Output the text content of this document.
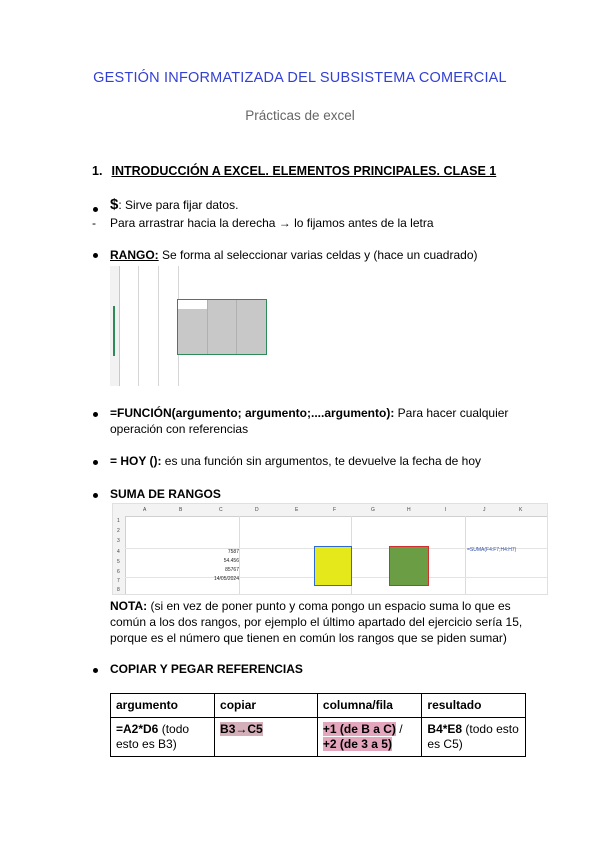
GESTIÓN INFORMATIZADA DEL SUBSISTEMA COMERCIAL
Prácticas de excel
1. INTRODUCCIÓN A EXCEL. ELEMENTOS PRINCIPALES. CLASE 1
$: Sirve para fijar datos.
- Para arrastrar hacia la derecha → lo fijamos antes de la letra
RANGO: Se forma al seleccionar varias celdas y (hace un cuadrado)
=FUNCIÓN(argumento; argumento;....argumento): Para hacer cualquier
operación con referencias
= HOY (): es una función sin argumentos, te devuelve la fecha de hoy
SUMA DE RANGOS
A	B	C	D	E	F	G	H	I	J	K
1
2
3
4
5
6
7
8
7587
54.456
85767
14/05/2024
=SUMA(F4:F7;H4:H7)
NOTA: (si en vez de poner punto y coma pongo un espacio suma lo que es
común a los dos rangos, por ejemplo el último apartado del ejercicio sería 15,
porque es el número que tienen en común los rangos que se piden sumar)
COPIAR Y PEGAR REFERENCIAS
argumento	copiar	columna/fila	resultado
=A2*D6 (todo esto es B3)	B3→C5	+1 (de B a C) /
+2 (de 3 a 5)	B4*E8 (todo esto es C5)
